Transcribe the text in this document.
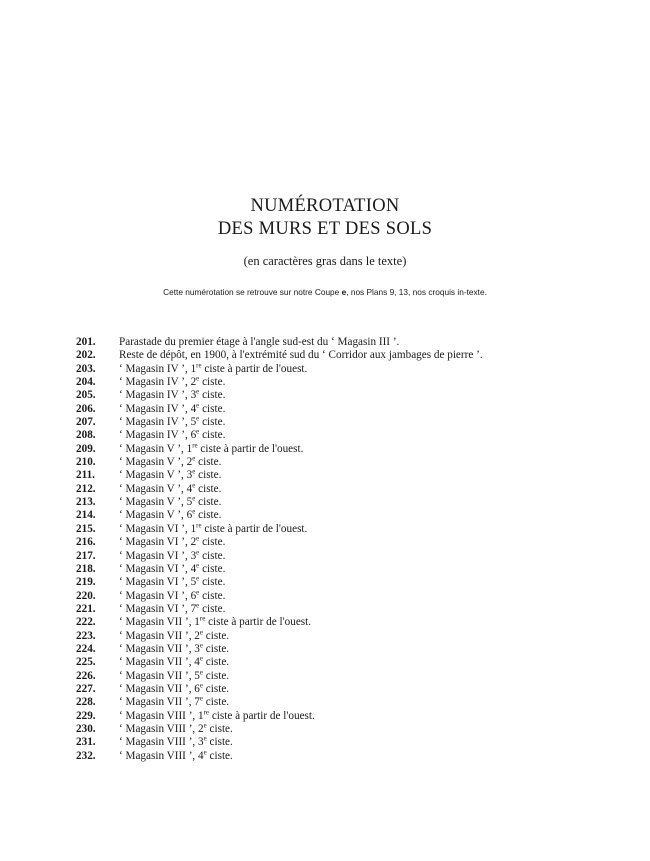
NUMÉROTATION
DES MURS ET DES SOLS

(en caractères gras dans le texte)

Cette numérotation se retrouve sur notre Coupe e, nos Plans 9, 13, nos croquis in-texte.

201. Parastade du premier étage à l'angle sud-est du ‘ Magasin III ’.
202. Reste de dépôt, en 1900, à l'extrémité sud du ‘ Corridor aux jambages de pierre ’.
203. ‘ Magasin IV ’, 1re ciste à partir de l'ouest.
204. ‘ Magasin IV ’, 2e ciste.
205. ‘ Magasin IV ’, 3e ciste.
206. ‘ Magasin IV ’, 4e ciste.
207. ‘ Magasin IV ’, 5e ciste.
208. ‘ Magasin IV ’, 6e ciste.
209. ‘ Magasin V ’, 1re ciste à partir de l'ouest.
210. ‘ Magasin V ’, 2e ciste.
211. ‘ Magasin V ’, 3e ciste.
212. ‘ Magasin V ’, 4e ciste.
213. ‘ Magasin V ’, 5e ciste.
214. ‘ Magasin V ’, 6e ciste.
215. ‘ Magasin VI ’, 1re ciste à partir de l'ouest.
216. ‘ Magasin VI ’, 2e ciste.
217. ‘ Magasin VI ’, 3e ciste.
218. ‘ Magasin VI ’, 4e ciste.
219. ‘ Magasin VI ’, 5e ciste.
220. ‘ Magasin VI ’, 6e ciste.
221. ‘ Magasin VI ’, 7e ciste.
222. ‘ Magasin VII ’, 1re ciste à partir de l'ouest.
223. ‘ Magasin VII ’, 2e ciste.
224. ‘ Magasin VII ’, 3e ciste.
225. ‘ Magasin VII ’, 4e ciste.
226. ‘ Magasin VII ’, 5e ciste.
227. ‘ Magasin VII ’, 6e ciste.
228. ‘ Magasin VII ’, 7e ciste.
229. ‘ Magasin VIII ’, 1re ciste à partir de l'ouest.
230. ‘ Magasin VIII ’, 2e ciste.
231. ‘ Magasin VIII ’, 3e ciste.
232. ‘ Magasin VIII ’, 4e ciste.
